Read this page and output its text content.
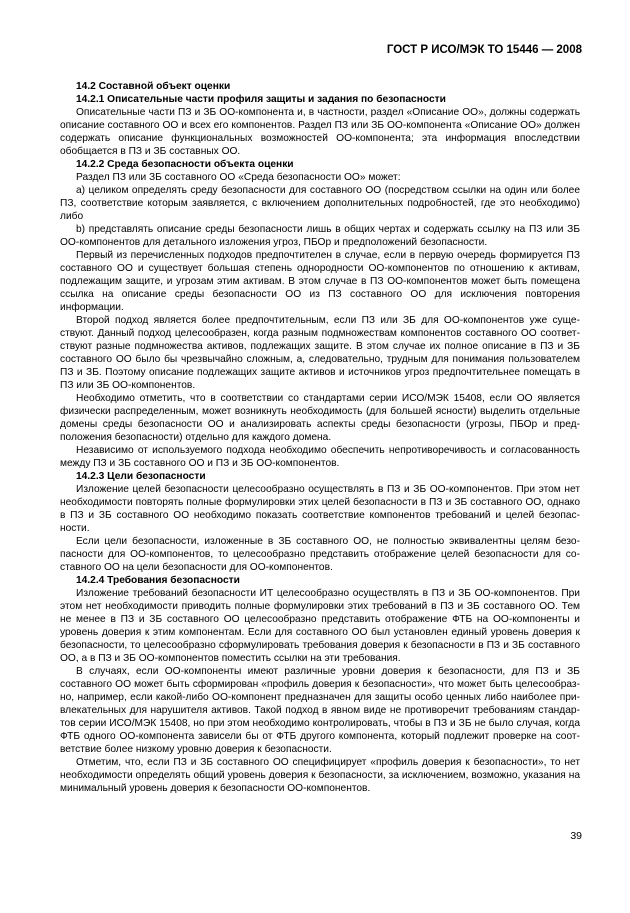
ГОСТ Р ИСО/МЭК ТО 15446 — 2008

14.2 Составной объект оценки

14.2.1 Описательные части профиля защиты и задания по безопасности

Описательные части ПЗ и ЗБ ОО-компонента и, в частности, раздел «Описание ОО», должны содержать описание составного ОО и всех его компонентов. Раздел ПЗ или ЗБ ОО-компонента «Описание ОО» должен содержать описание функциональных возможностей ОО-компонента; эта информация впоследствии обобщается в ПЗ и ЗБ составных ОО.

14.2.2 Среда безопасности объекта оценки

Раздел ПЗ или ЗБ составного ОО «Среда безопасности ОО» может:

а) целиком определять среду безопасности для составного ОО (посредством ссылки на один или более ПЗ, соответствие которым заявляется, с включением дополнительных подробностей, где это необходимо) либо

b) представлять описание среды безопасности лишь в общих чертах и содержать ссылку на ПЗ или ЗБ ОО-компонентов для детального изложения угроз, ПБОр и предположений безопасности.

Первый из перечисленных подходов предпочтителен в случае, если в первую очередь формируется ПЗ составного ОО и существует большая степень однородности ОО-компонентов по отношению к активам, подлежащим защите, и угрозам этим активам. В этом случае в ПЗ ОО-компонентов может быть помещена ссылка на описание среды безопасности ОО из ПЗ составного ОО для исключения повторения информации.

Второй подход является более предпочтительным, если ПЗ или ЗБ для ОО-компонентов уже существуют. Данный подход целесообразен, когда разным подмножествам компонентов составного ОО соответствуют разные подмножества активов, подлежащих защите. В этом случае их полное описание в ПЗ и ЗБ составного ОО было бы чрезвычайно сложным, а, следовательно, трудным для понимания пользователем ПЗ и ЗБ. Поэтому описание подлежащих защите активов и источников угроз предпочтительнее помещать в ПЗ или ЗБ ОО-компонентов.

Необходимо отметить, что в соответствии со стандартами серии ИСО/МЭК 15408, если ОО является физически распределенным, может возникнуть необходимость (для большей ясности) выделить отдельные домены среды безопасности ОО и анализировать аспекты среды безопасности (угрозы, ПБОр и предположения безопасности) отдельно для каждого домена.

Независимо от используемого подхода необходимо обеспечить непротиворечивость и согласованность между ПЗ и ЗБ составного ОО и ПЗ и ЗБ ОО-компонентов.

14.2.3 Цели безопасности

Изложение целей безопасности целесообразно осуществлять в ПЗ и ЗБ ОО-компонентов. При этом нет необходимости повторять полные формулировки этих целей безопасности в ПЗ и ЗБ составного ОО, однако в ПЗ и ЗБ составного ОО необходимо показать соответствие компонентов требований и целей безопасности.

Если цели безопасности, изложенные в ЗБ составного ОО, не полностью эквивалентны целям безопасности для ОО-компонентов, то целесообразно представить отображение целей безопасности для составного ОО на цели безопасности для ОО-компонентов.

14.2.4 Требования безопасности

Изложение требований безопасности ИТ целесообразно осуществлять в ПЗ и ЗБ ОО-компонентов. При этом нет необходимости приводить полные формулировки этих требований в ПЗ и ЗБ составного ОО. Тем не менее в ПЗ и ЗБ составного ОО целесообразно представить отображение ФТБ на ОО-компоненты и уровень доверия к этим компонентам. Если для составного ОО был установлен единый уровень доверия к безопасности, то целесообразно сформулировать требования доверия к безопасности в ПЗ и ЗБ составного ОО, а в ПЗ и ЗБ ОО-компонентов поместить ссылки на эти требования.

В случаях, если ОО-компоненты имеют различные уровни доверия к безопасности, для ПЗ и ЗБ составного ОО может быть сформирован «профиль доверия к безопасности», что может быть целесообразно, например, если какой-либо ОО-компонент предназначен для защиты особо ценных либо наиболее привлекательных для нарушителя активов. Такой подход в явном виде не противоречит требованиям стандартов серии ИСО/МЭК 15408, но при этом необходимо контролировать, чтобы в ПЗ и ЗБ не было случая, когда ФТБ одного ОО-компонента зависели бы от ФТБ другого компонента, который подлежит проверке на соответствие более низкому уровню доверия к безопасности.

Отметим, что, если ПЗ и ЗБ составного ОО специфицирует «профиль доверия к безопасности», то нет необходимости определять общий уровень доверия к безопасности, за исключением, возможно, указания на минимальный уровень доверия к безопасности ОО-компонентов.

39
